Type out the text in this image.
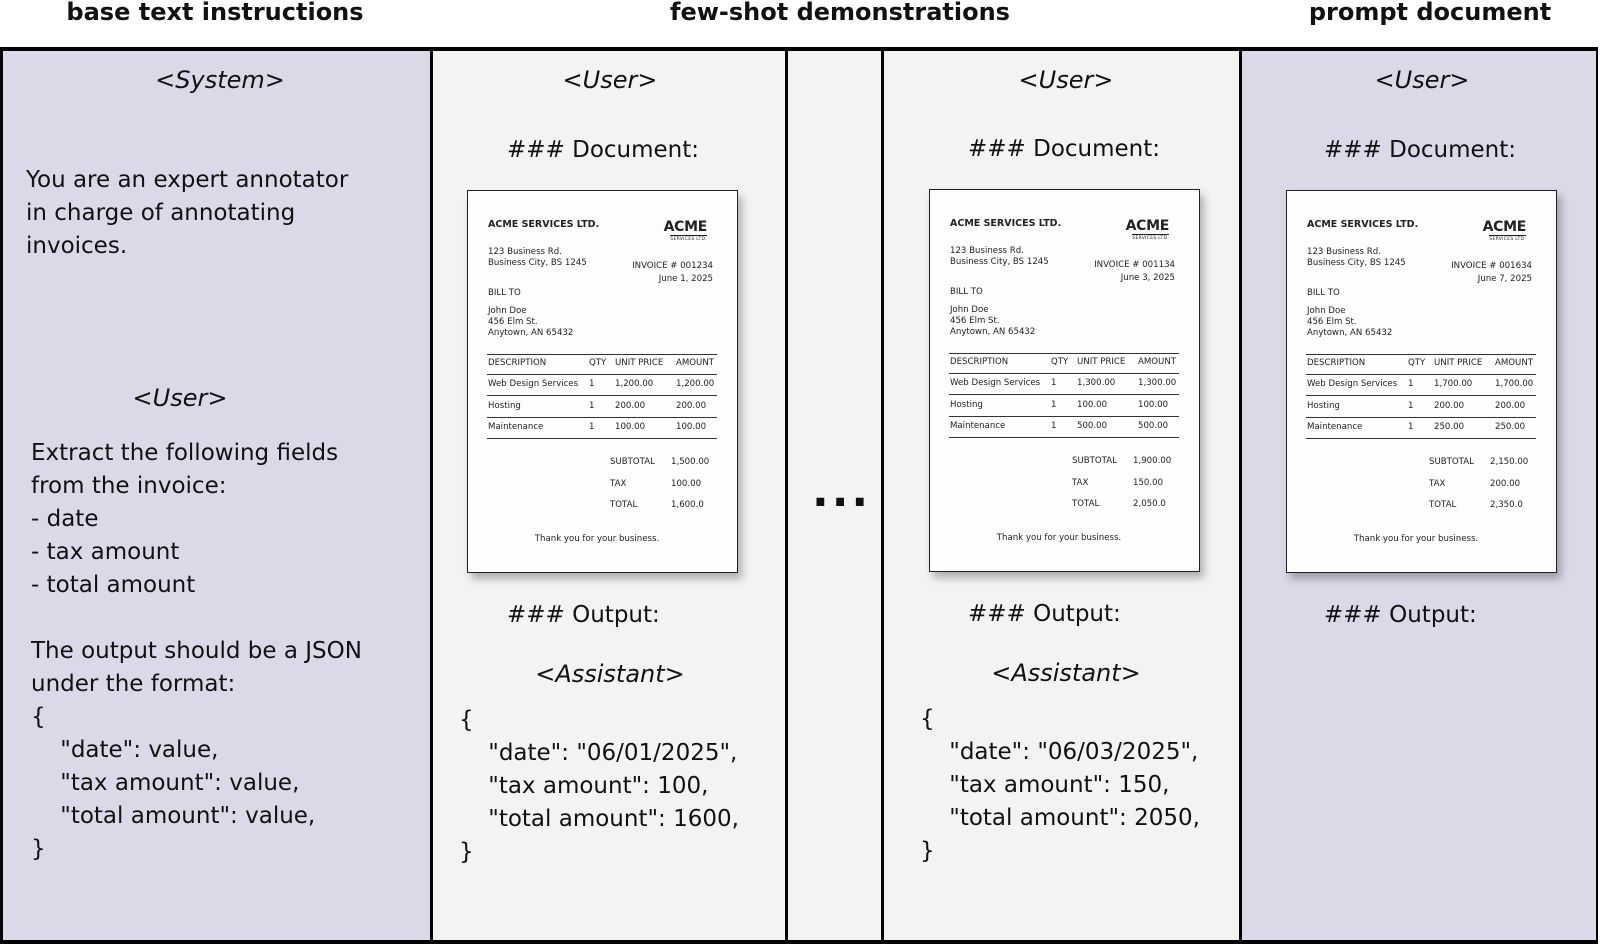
base text instructions	few-shot demonstrations	prompt document
<System>
You are an expert annotator
in charge of annotating
invoices.
<User>
Extract the following fields
from the invoice:
- date
- tax amount
- total amount

The output should be a JSON
under the format:
{
"date": value,
"tax amount": value,
"total amount": value,
}
<User>
### Document:
ACME SERVICES LTD.	ACME
SERVICES LTD.
123 Business Rd.
Business City, BS 1245	INVOICE # 001234
June 1, 2025
BILL TO
John Doe
456 Elm St.
Anytown, AN 65432
DESCRIPTION	QTY UNIT PRICE AMOUNT
Web Design Services 1 1,200.00	1,200.00
Hosting	1 200.00	200.00
Maintenance	1 100.00	100.00
SUBTOTAL 1,500.00
TAX	100.00
TOTAL	1,600.0
Thank you for your business.
### Output:
<Assistant>
{
"date": "06/01/2025",
"tax amount": 100,
"total amount": 1600,
}
...
<User>
### Document:
ACME SERVICES LTD.	ACME
SERVICES LTD.
123 Business Rd.
Business City, BS 1245	INVOICE # 001134
June 3, 2025
BILL TO
John Doe
456 Elm St.
Anytown, AN 65432
DESCRIPTION	QTY UNIT PRICE AMOUNT
Web Design Services 1 1,300.00	1,300.00
Hosting	1 100.00	100.00
Maintenance	1 500.00	500.00
SUBTOTAL 1,900.00
TAX	150.00
TOTAL	2,050.0
Thank you for your business.
### Output:
<Assistant>
{
"date": "06/03/2025",
"tax amount": 150,
"total amount": 2050,
}
<User>
### Document:
ACME SERVICES LTD.	ACME
SERVICES LTD.
123 Business Rd.
Business City, BS 1245	INVOICE # 001634
June 7, 2025
BILL TO
John Doe
456 Elm St.
Anytown, AN 65432
DESCRIPTION	QTY UNIT PRICE AMOUNT
Web Design Services 1 1,700.00	1,700.00
Hosting	1 200.00	200.00
Maintenance	1 250.00	250.00
SUBTOTAL 2,150.00
TAX	200.00
TOTAL	2,350.0
Thank you for your business.
### Output:
